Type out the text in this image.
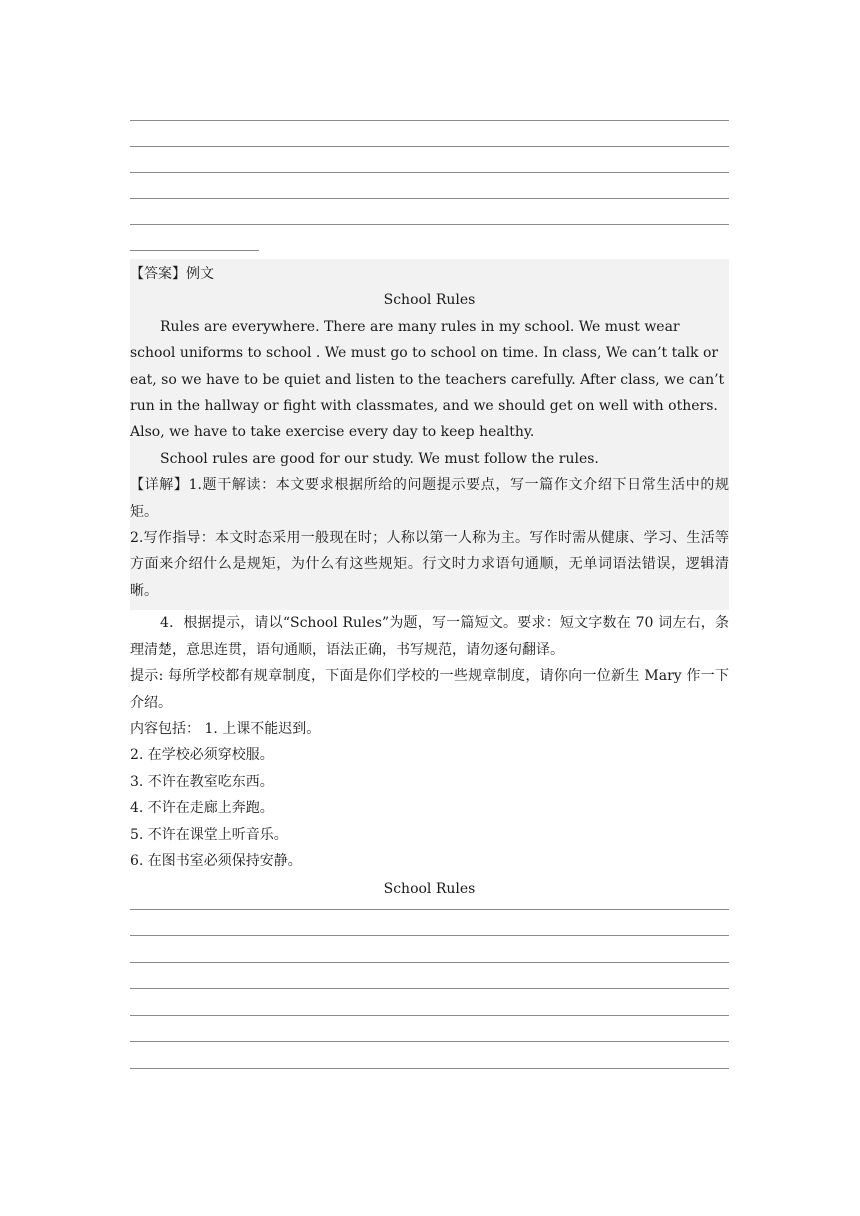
【答案】例文

School Rules

Rules are everywhere. There are many rules in my school. We must wear school uniforms to school . We must go to school on time. In class, We can’t talk or eat, so we have to be quiet and listen to the teachers carefully. After class, we can’t run in the hallway or fight with classmates, and we should get on well with others. Also, we have to take exercise every day to keep healthy.

School rules are good for our study. We must follow the rules.

【详解】1.题干解读：本文要求根据所给的问题提示要点，写一篇作文介绍下日常生活中的规矩。

2.写作指导：本文时态采用一般现在时；人称以第一人称为主。写作时需从健康、学习、生活等方面来介绍什么是规矩，为什么有这些规矩。行文时力求语句通顺，无单词语法错误，逻辑清晰。

4．根据提示，请以“School Rules”为题，写一篇短文。要求：短文字数在 70 词左右，条理清楚，意思连贯，语句通顺，语法正确，书写规范，请勿逐句翻译。

提示: 每所学校都有规章制度，下面是你们学校的一些规章制度，请你向一位新生 Mary 作一下介绍。

内容包括： 1. 上课不能迟到。

2. 在学校必须穿校服。

3. 不许在教室吃东西。

4. 不许在走廊上奔跑。

5. 不许在课堂上听音乐。

6. 在图书室必须保持安静。

School Rules
